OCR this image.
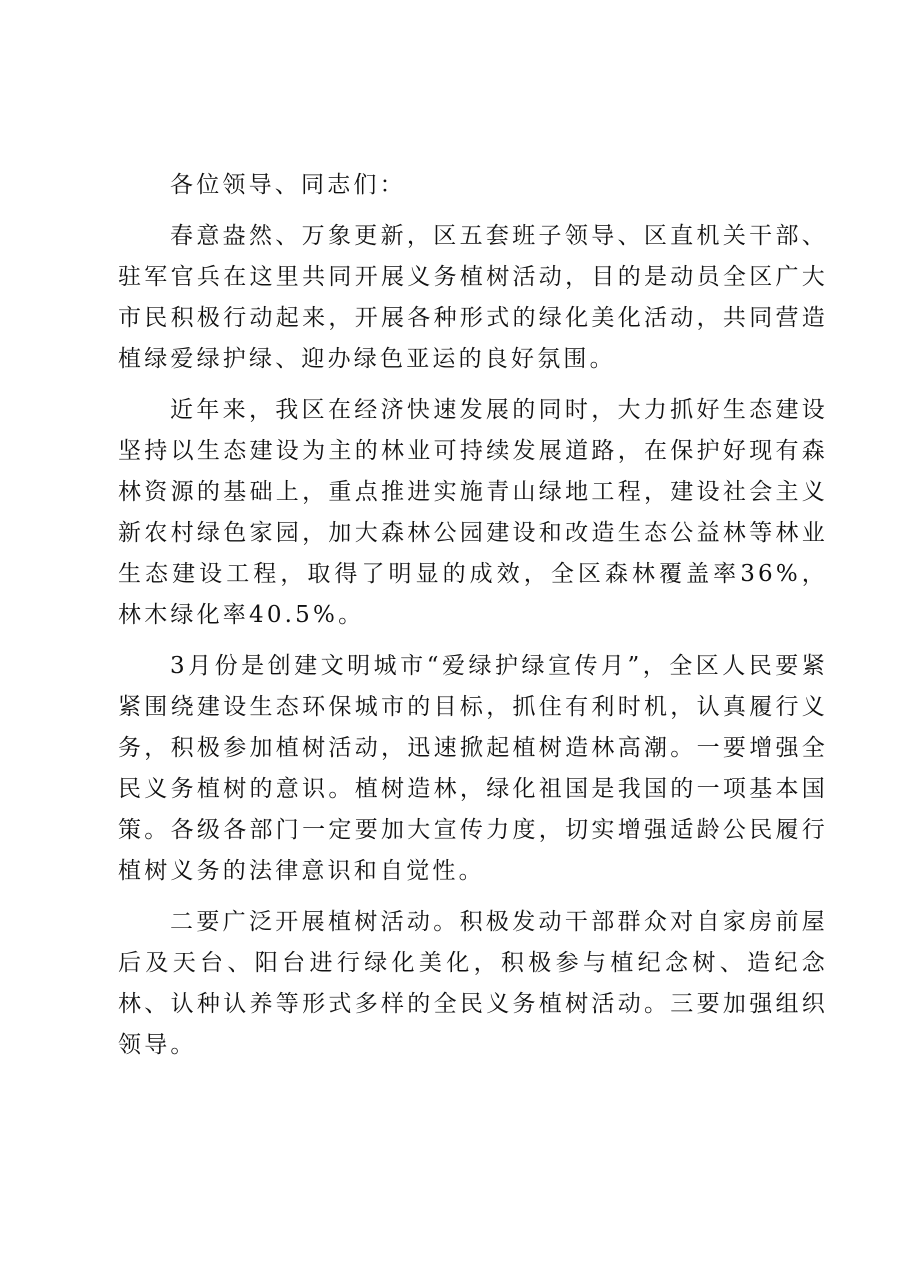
各位领导、同志们：

春意盎然、万象更新，区五套班子领导、区直机关干部、驻军官兵在这里共同开展义务植树活动，目的是动员全区广大市民积极行动起来，开展各种形式的绿化美化活动，共同营造植绿爱绿护绿、迎办绿色亚运的良好氛围。

近年来，我区在经济快速发展的同时，大力抓好生态建设坚持以生态建设为主的林业可持续发展道路，在保护好现有森林资源的基础上，重点推进实施青山绿地工程，建设社会主义新农村绿色家园，加大森林公园建设和改造生态公益林等林业生态建设工程，取得了明显的成效，全区森林覆盖率36%，林木绿化率40.5%。

3月份是创建文明城市“爱绿护绿宣传月”，全区人民要紧紧围绕建设生态环保城市的目标，抓住有利时机，认真履行义务，积极参加植树活动，迅速掀起植树造林高潮。一要增强全民义务植树的意识。植树造林，绿化祖国是我国的一项基本国策。各级各部门一定要加大宣传力度，切实增强适龄公民履行植树义务的法律意识和自觉性。

二要广泛开展植树活动。积极发动干部群众对自家房前屋后及天台、阳台进行绿化美化，积极参与植纪念树、造纪念林、认种认养等形式多样的全民义务植树活动。三要加强组织领导。
